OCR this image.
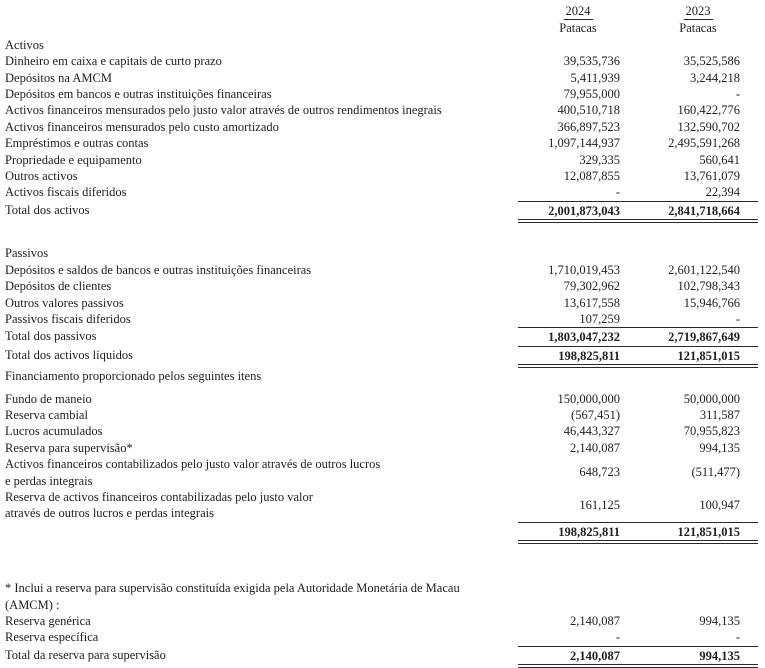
2024	2023
Patacas	Patacas
Activos
Dinheiro em caixa e capitais de curto prazo	39,535,736	35,525,586
Depósitos na AMCM	5,411,939	3,244,218
Depósitos em bancos e outras instituições financeiras	79,955,000	-
Activos financeiros mensurados pelo justo valor através de outros rendimentos inegrais	400,510,718	160,422,776
Activos financeiros mensurados pelo custo amortizado	366,897,523	132,590,702
Empréstimos e outras contas	1,097,144,937	2,495,591,268
Propriedade e equipamento	329,335	560,641
Outros activos	12,087,855	13,761,079
Activos fiscais diferidos	-	22,394
Total dos activos	2,001,873,043	2,841,718,664
Passivos
Depósitos e saldos de bancos e outras instituições financeiras	1,710,019,453	2,601,122,540
Depósitos de clientes	79,302,962	102,798,343
Outros valores passivos	13,617,558	15,946,766
Passivos fiscais diferidos	107,259	-
Total dos passivos	1,803,047,232	2,719,867,649
Total dos activos líquidos	198,825,811	121,851,015
Financiamento proporcionado pelos seguintes itens
Fundo de maneio	150,000,000	50,000,000
Reserva cambial	(567,451)	311,587
Lucros acumulados	46,443,327	70,955,823
Reserva para supervisão*	2,140,087	994,135
Activos financeiros contabilizados pelo justo valor através de outros lucros
e perdas integrais
648,723	(511,477)
Reserva de activos financeiros contabilizadas pelo justo valor
através de outros lucros e perdas integrais
161,125	100,947
198,825,811	121,851,015
* Inclui a reserva para supervisão constituída exigida pela Autoridade Monetária de Macau
(AMCM) :
Reserva genérica	2,140,087	994,135
Reserva específica	-	-
Total da reserva para supervisão	2,140,087	994,135
